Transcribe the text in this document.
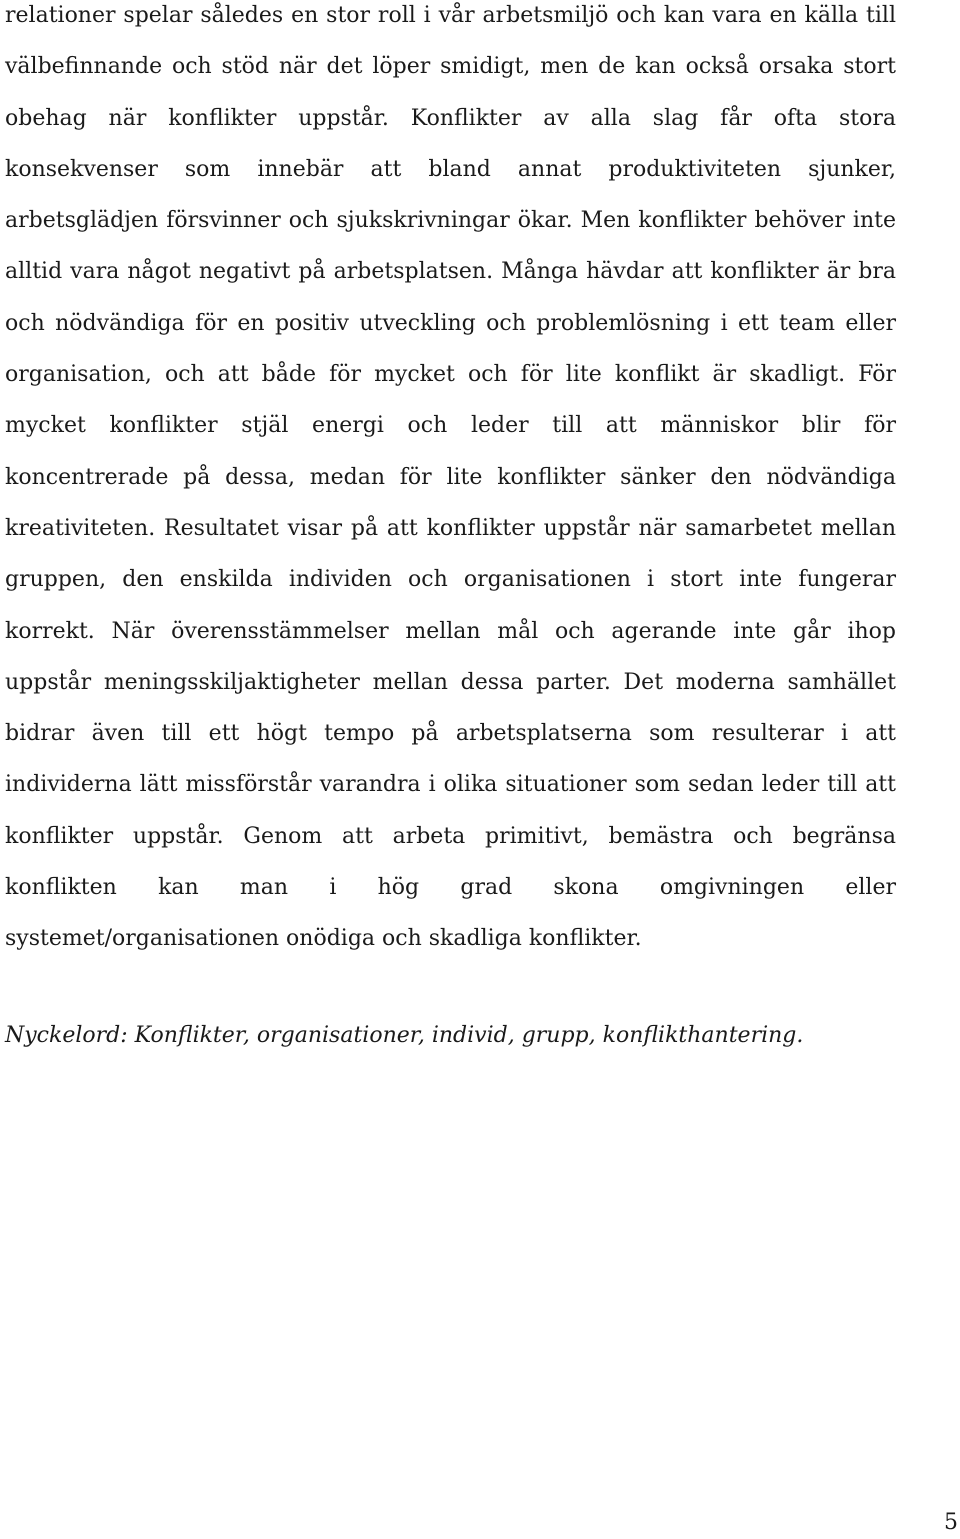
relationer spelar således en stor roll i vår arbetsmiljö och kan vara en källa till välbefinnande och stöd när det löper smidigt, men de kan också orsaka stort obehag när konflikter uppstår. Konflikter av alla slag får ofta stora konsekvenser som innebär att bland annat produktiviteten sjunker, arbetsglädjen försvinner och sjukskrivningar ökar. Men konflikter behöver inte alltid vara något negativt på arbetsplatsen. Många hävdar att konflikter är bra och nödvändiga för en positiv utveckling och problemlösning i ett team eller organisation, och att både för mycket och för lite konflikt är skadligt. För mycket konflikter stjäl energi och leder till att människor blir för koncentrerade på dessa, medan för lite konflikter sänker den nödvändiga kreativiteten. Resultatet visar på att konflikter uppstår när samarbetet mellan gruppen, den enskilda individen och organisationen i stort inte fungerar korrekt. När överensstämmelser mellan mål och agerande inte går ihop uppstår meningsskiljaktigheter mellan dessa parter. Det moderna samhället bidrar även till ett högt tempo på arbetsplatserna som resulterar i att individerna lätt missförstår varandra i olika situationer som sedan leder till att konflikter uppstår. Genom att arbeta primitivt, bemästra och begränsa konflikten kan man i hög grad skona omgivningen eller systemet/organisationen onödiga och skadliga konflikter.

Nyckelord: Konflikter, organisationer, individ, grupp, konflikthantering.

5
